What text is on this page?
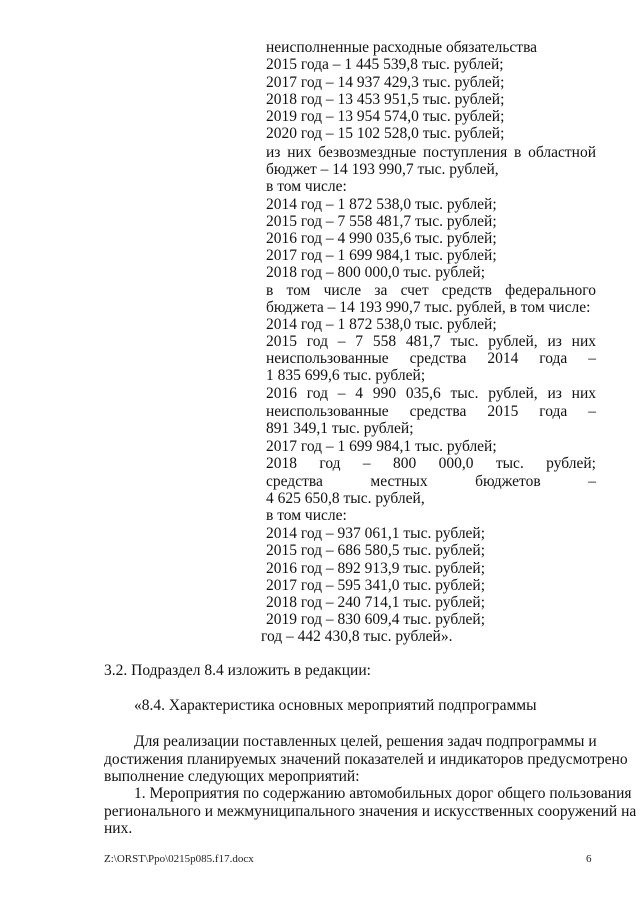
неисполненные расходные обязательства
2015 года – 1 445 539,8 тыс. рублей;
2017 год – 14 937 429,3 тыс. рублей;
2018 год – 13 453 951,5 тыс. рублей;
2019 год – 13 954 574,0 тыс. рублей;
2020 год – 15 102 528,0 тыс. рублей;
из них безвозмездные поступления в областной
бюджет – 14 193 990,7 тыс. рублей,
в том числе:
2014 год – 1 872 538,0 тыс. рублей;
2015 год – 7 558 481,7 тыс. рублей;
2016 год – 4 990 035,6 тыс. рублей;
2017 год – 1 699 984,1 тыс. рублей;
2018 год – 800 000,0 тыс. рублей;
в том числе за счет средств федерального
бюджета – 14 193 990,7 тыс. рублей, в том числе:
2014 год – 1 872 538,0 тыс. рублей;
2015 год – 7 558 481,7 тыс. рублей, из них
неиспользованные средства 2014 года –
1 835 699,6 тыс. рублей;
2016 год – 4 990 035,6 тыс. рублей, из них
неиспользованные средства 2015 года –
891 349,1 тыс. рублей;
2017 год – 1 699 984,1 тыс. рублей;
2018 год – 800 000,0 тыс. рублей;
средства местных бюджетов –
4 625 650,8 тыс. рублей,
в том числе:
2014 год – 937 061,1 тыс. рублей;
2015 год – 686 580,5 тыс. рублей;
2016 год – 892 913,9 тыс. рублей;
2017 год – 595 341,0 тыс. рублей;
2018 год – 240 714,1 тыс. рублей;
2019 год – 830 609,4 тыс. рублей;
год – 442 430,8 тыс. рублей».
3.2. Подраздел 8.4 изложить в редакции:
«8.4. Характеристика основных мероприятий подпрограммы
Для реализации поставленных целей, решения задач подпрограммы и
достижения планируемых значений показателей и индикаторов предусмотрено
выполнение следующих мероприятий:
1. Мероприятия по содержанию автомобильных дорог общего пользования
регионального и межмуниципального значения и искусственных сооружений на
них.
Z:\ORST\Ppo\0215p085.f17.docx	6
